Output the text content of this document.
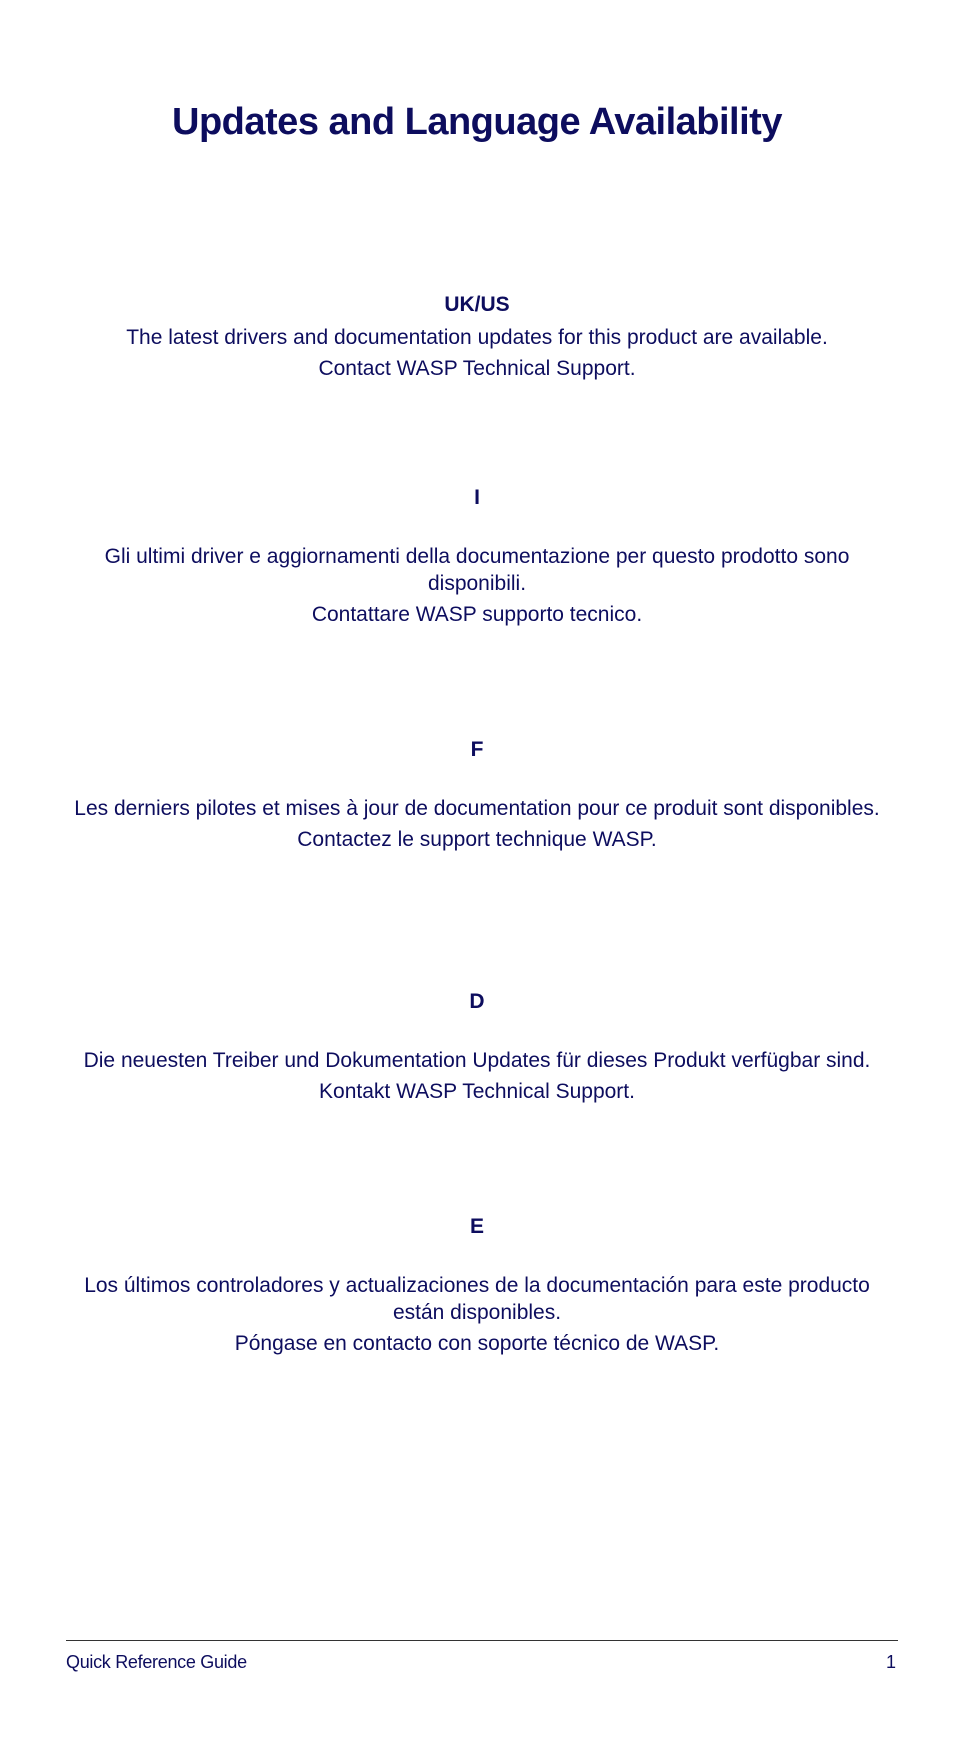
Updates and Language Availability

UK/US

The latest drivers and documentation updates for this product are available.

Contact WASP Technical Support.

I

Gli ultimi driver e aggiornamenti della documentazione per questo prodotto sono disponibili.

Contattare WASP supporto tecnico.

F

Les derniers pilotes et mises à jour de documentation pour ce produit sont disponibles.

Contactez le support technique WASP.

D

Die neuesten Treiber und Dokumentation Updates für dieses Produkt verfügbar sind.

Kontakt WASP Technical Support.

E

Los últimos controladores y actualizaciones de la documentación para este producto están disponibles.

Póngase en contacto con soporte técnico de WASP.

Quick Reference Guide	1
